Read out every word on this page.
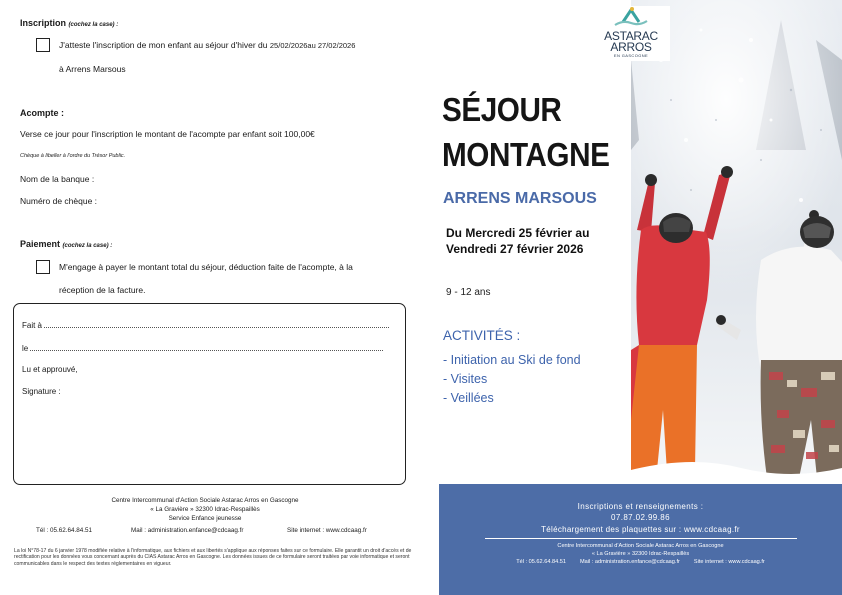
Inscription (cochez la case) :
J'atteste l'inscription de mon enfant au séjour d'hiver du 25/02/2026au 27/02/2026
à Arrens Marsous
Acompte :
Verse ce jour pour l'inscription le montant de l'acompte par enfant soit 100,00€
Chèque à libeller à l'ordre du Trésor Public.
Nom de la banque :
Numéro de chèque :
Paiement (cochez la case) :
M'engage à payer le montant total du séjour, déduction faite de l'acompte, à la
réception de la facture.
Fait à
le
Lu et approuvé,
Signature :
Centre Intercommunal d'Action Sociale Astarac Arros en Gascogne
« La Gravière » 32300 Idrac-Respaillès
Service Enfance jeunesse
Tél : 05.62.64.84.51	Mail : administration.enfance@cdcaag.fr	Site internet : www.cdcaag.fr
La loi N°78-17 du 6 janvier 1978 modifiée relative à l'informatique, aux fichiers et aux libertés s'applique aux réponses faites sur ce formulaire. Elle garantit un droit d'accès et de rectification pour les données vous concernant auprès du CIAS Astarac Arros en Gascogne. Les données issues de ce formulaire seront traitées par voie informatique et seront communicables dans le respect des textes réglementaires en vigueur.
ASTARAC
ARROS
EN GASCOGNE
SÉJOUR
MONTAGNE
ARRENS MARSOUS
Du Mercredi 25 février au
Vendredi 27 février 2026
9 - 12 ans
ACTIVITÉS :
- Initiation au Ski de fond
- Visites
- Veillées
Inscriptions et renseignements :
07.87.02.99.86
Téléchargement des plaquettes sur : www.cdcaag.fr
Centre Intercommunal d'Action Sociale Astarac Arros en Gascogne
« La Gravière » 32300 Idrac-Respaillès
Tél : 05.62.64.84.51	Mail : administration.enfance@cdcaag.fr	Site internet : www.cdcaag.fr
